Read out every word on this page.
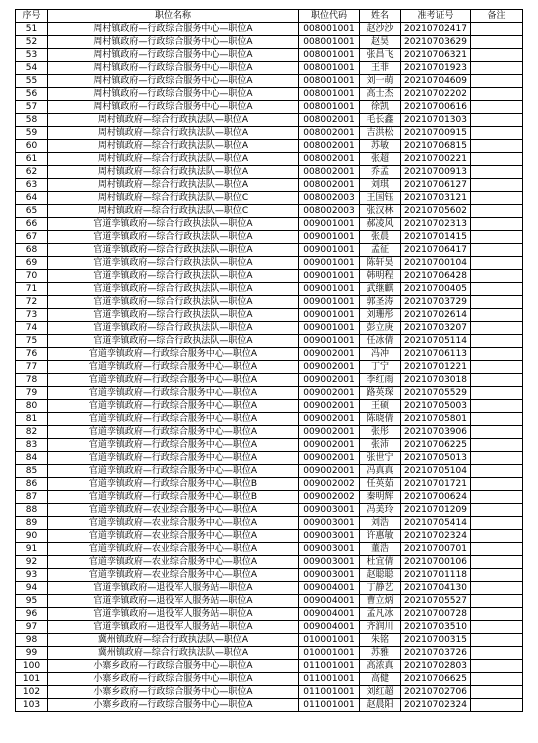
序号	职位名称	职位代码	姓名	准考证号	备注
51	周村镇政府—行政综合服务中心—职位A	008001001	赵沙沙	20210702417	
52	周村镇政府—行政综合服务中心—职位A	008001001	赵昊	20210703629	
53	周村镇政府—行政综合服务中心—职位A	008001001	张昌飞	20210706321	
54	周村镇政府—行政综合服务中心—职位A	008001001	王菲	20210701923	
55	周村镇政府—行政综合服务中心—职位A	008001001	刘一萌	20210704609	
56	周村镇政府—行政综合服务中心—职位A	008001001	高士杰	20210702202	
57	周村镇政府—行政综合服务中心—职位A	008001001	徐凯	20210700616	
58	周村镇政府—综合行政执法队—职位A	008002001	毛长鑫	20210701303	
59	周村镇政府—综合行政执法队—职位A	008002001	吉洪松	20210700915	
60	周村镇政府—综合行政执法队—职位A	008002001	苏敏	20210706815	
61	周村镇政府—综合行政执法队—职位A	008002001	张超	20210700221	
62	周村镇政府—综合行政执法队—职位A	008002001	乔孟	20210700913	
63	周村镇政府—综合行政执法队—职位A	008002001	刘琪	20210706127	
64	周村镇政府—综合行政执法队—职位C	008002003	王国钰	20210703121	
65	周村镇政府—综合行政执法队—职位C	008002003	张汉林	20210705602	
66	官道孪镇政府—综合行政执法队—职位A	009001001	郝凌风	20210702313	
67	官道孪镇政府—综合行政执法队—职位A	009001001	张晨	20210701415	
68	官道孪镇政府—综合行政执法队—职位A	009001001	孟征	20210706417	
69	官道孪镇政府—综合行政执法队—职位A	009001001	陈轩昊	20210700104	
70	官道孪镇政府—综合行政执法队—职位A	009001001	韩明程	20210706428	
71	官道孪镇政府—综合行政执法队—职位A	009001001	武继麒	20210700405	
72	官道孪镇政府—综合行政执法队—职位A	009001001	郭圣涛	20210703729	
73	官道孪镇政府—综合行政执法队—职位A	009001001	刘珊彤	20210702614	
74	官道孪镇政府—综合行政执法队—职位A	009001001	彭立庚	20210703207	
75	官道孪镇政府—综合行政执法队—职位A	009001001	任冰倩	20210705114	
76	官道孪镇政府—行政综合服务中心—职位A	009002001	冯冲	20210706113	
77	官道孪镇政府—行政综合服务中心—职位A	009002001	丁宁	20210701221	
78	官道孪镇政府—行政综合服务中心—职位A	009002001	李红雨	20210703018	
79	官道孪镇政府—行政综合服务中心—职位A	009002001	路英琛	20210705529	
80	官道孪镇政府—行政综合服务中心—职位A	009002001	王硕	20210705003	
81	官道孪镇政府—行政综合服务中心—职位A	009002001	陈晓倩	20210705801	
82	官道孪镇政府—行政综合服务中心—职位A	009002001	张彤	20210703906	
83	官道孪镇政府—行政综合服务中心—职位A	009002001	张沛	20210706225	
84	官道孪镇政府—行政综合服务中心—职位A	009002001	张世宁	20210705013	
85	官道孪镇政府—行政综合服务中心—职位A	009002001	冯真真	20210705104	
86	官道孪镇政府—行政综合服务中心—职位B	009002002	任英茹	20210701721	
87	官道孪镇政府—行政综合服务中心—职位B	009002002	秦明辉	20210700624	
88	官道孪镇政府—农业综合服务中心—职位A	009003001	冯美玲	20210701209	
89	官道孪镇政府—农业综合服务中心—职位A	009003001	刘浩	20210705414	
90	官道孪镇政府—农业综合服务中心—职位A	009003001	许惠敏	20210702324	
91	官道孪镇政府—农业综合服务中心—职位A	009003001	董浩	20210700701	
92	官道孪镇政府—农业综合服务中心—职位A	009003001	杜宜倩	20210700106	
93	官道孪镇政府—农业综合服务中心—职位A	009003001	赵聪聪	20210701118	
94	官道孪镇政府—退役军人服务站—职位A	009004001	丁静艺	20210704130	
95	官道孪镇政府—退役军人服务站—职位A	009004001	曹立炳	20210705527	
96	官道孪镇政府—退役军人服务站—职位A	009004001	孟凡冰	20210700728	
97	官道孪镇政府—退役军人服务站—职位A	009004001	齐润川	20210703510	
98	冀州镇政府—综合行政执法队—职位A	010001001	朱铭	20210700315	
99	冀州镇政府—综合行政执法队—职位A	010001001	苏雅	20210703726	
100	小寨乡政府—行政综合服务中心—职位A	011001001	高浓真	20210702803	
101	小寨乡政府—行政综合服务中心—职位A	011001001	高健	20210706625	
102	小寨乡政府—行政综合服务中心—职位A	011001001	刘红超	20210702706	
103	小寨乡政府—行政综合服务中心—职位A	011001001	赵晨阳	20210702324	
